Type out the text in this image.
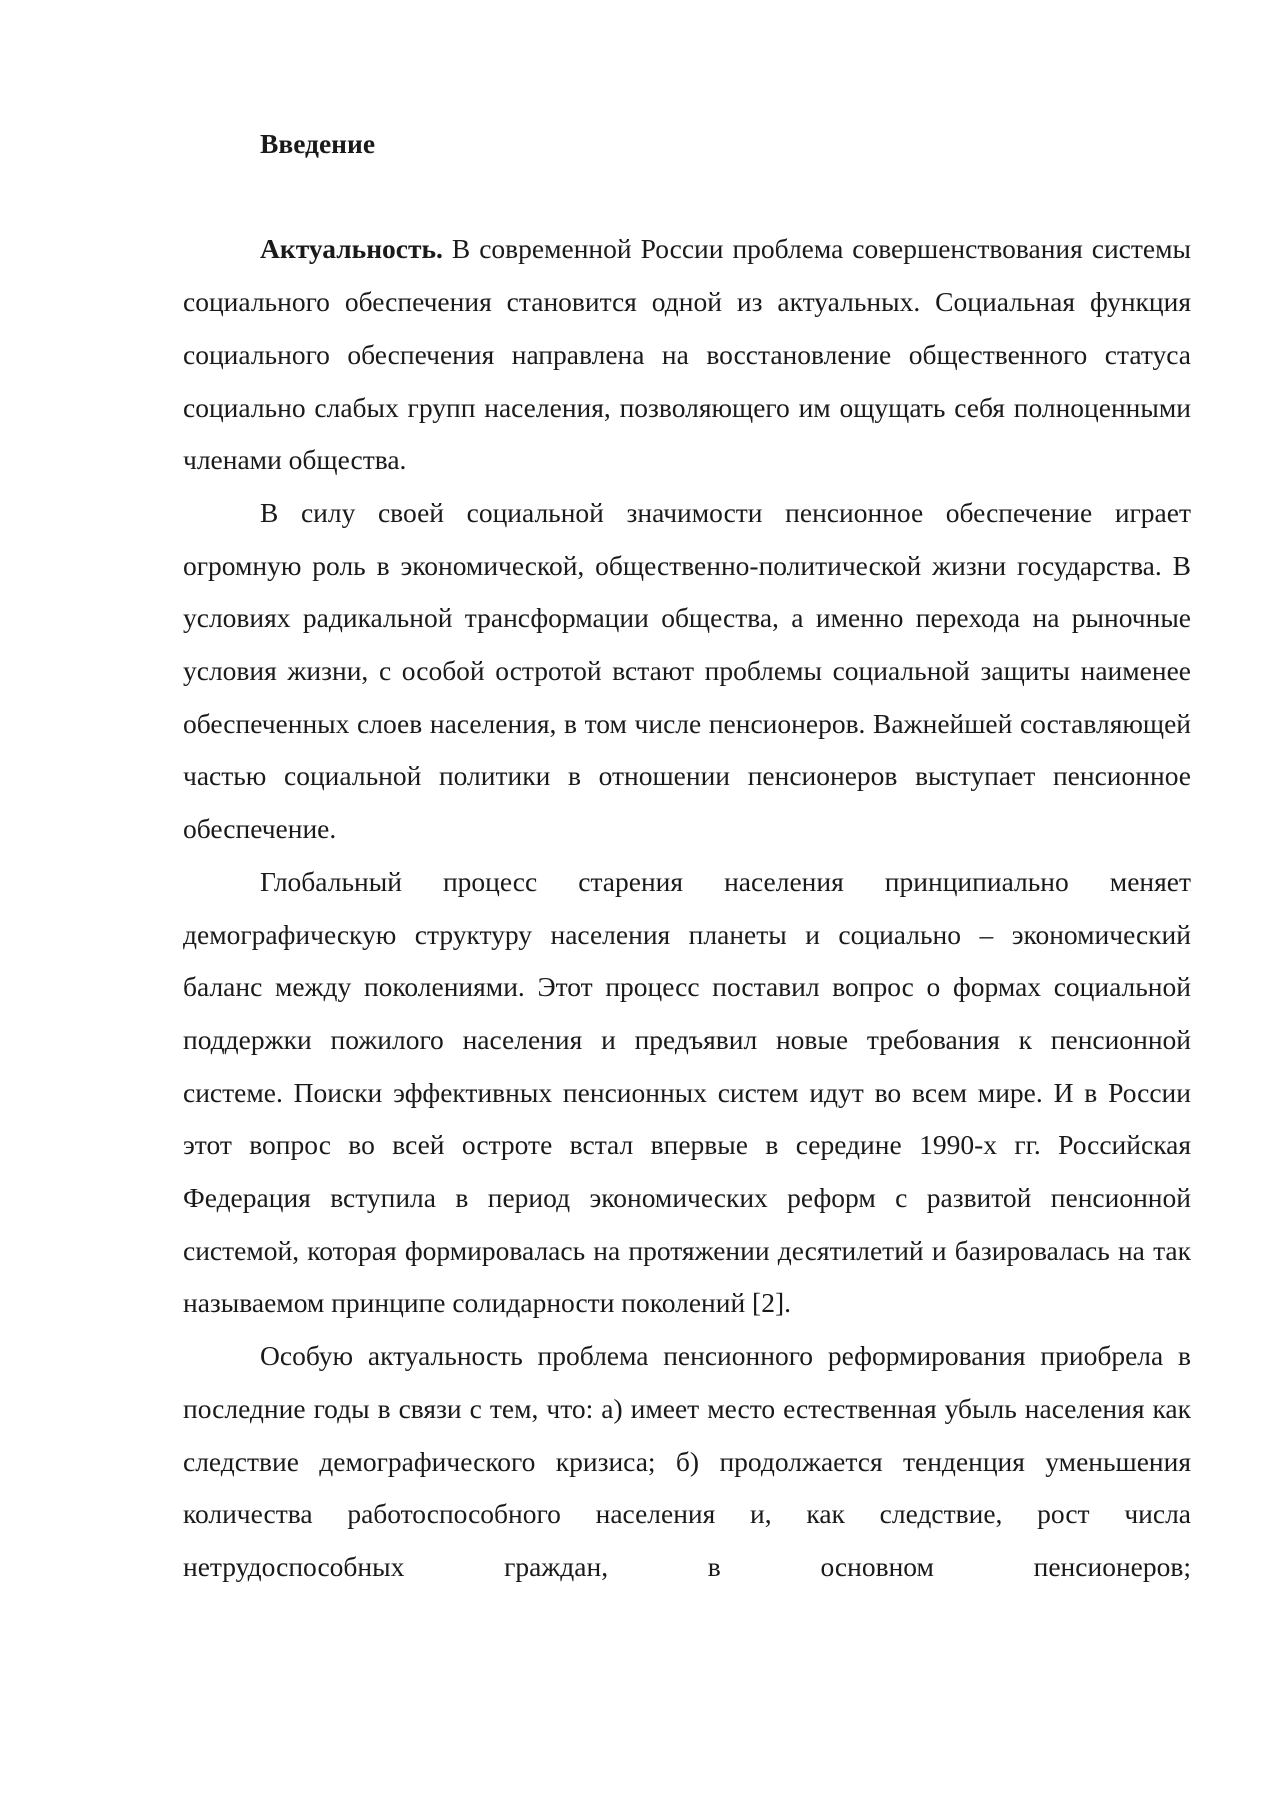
Введение

Актуальность. В современной России проблема совершенствования системы социального обеспечения становится одной из актуальных. Социальная функция социального обеспечения направлена на восстановление общественного статуса социально слабых групп населения, позволяющего им ощущать себя полноценными членами общества.

В силу своей социальной значимости пенсионное обеспечение играет огромную роль в экономической, общественно-политической жизни государства. В условиях радикальной трансформации общества, а именно перехода на рыночные условия жизни, с особой остротой встают проблемы социальной защиты наименее обеспеченных слоев населения, в том числе пенсионеров. Важнейшей составляющей частью социальной политики в отношении пенсионеров выступает пенсионное обеспечение.

Глобальный процесс старения населения принципиально меняет демографическую структуру населения планеты и социально – экономический баланс между поколениями. Этот процесс поставил вопрос о формах социальной поддержки пожилого населения и предъявил новые требования к пенсионной системе. Поиски эффективных пенсионных систем идут во всем мире. И в России этот вопрос во всей остроте встал впервые в середине 1990-х гг. Российская Федерация вступила в период экономических реформ с развитой пенсионной системой, которая формировалась на протяжении десятилетий и базировалась на так называемом принципе солидарности поколений [2].

Особую актуальность проблема пенсионного реформирования приобрела в последние годы в связи с тем, что: а) имеет место естественная убыль населения как следствие демографического кризиса; б) продолжается тенденция уменьшения количества работоспособного населения и, как следствие, рост числа нетрудоспособных граждан, в основном пенсионеров;
